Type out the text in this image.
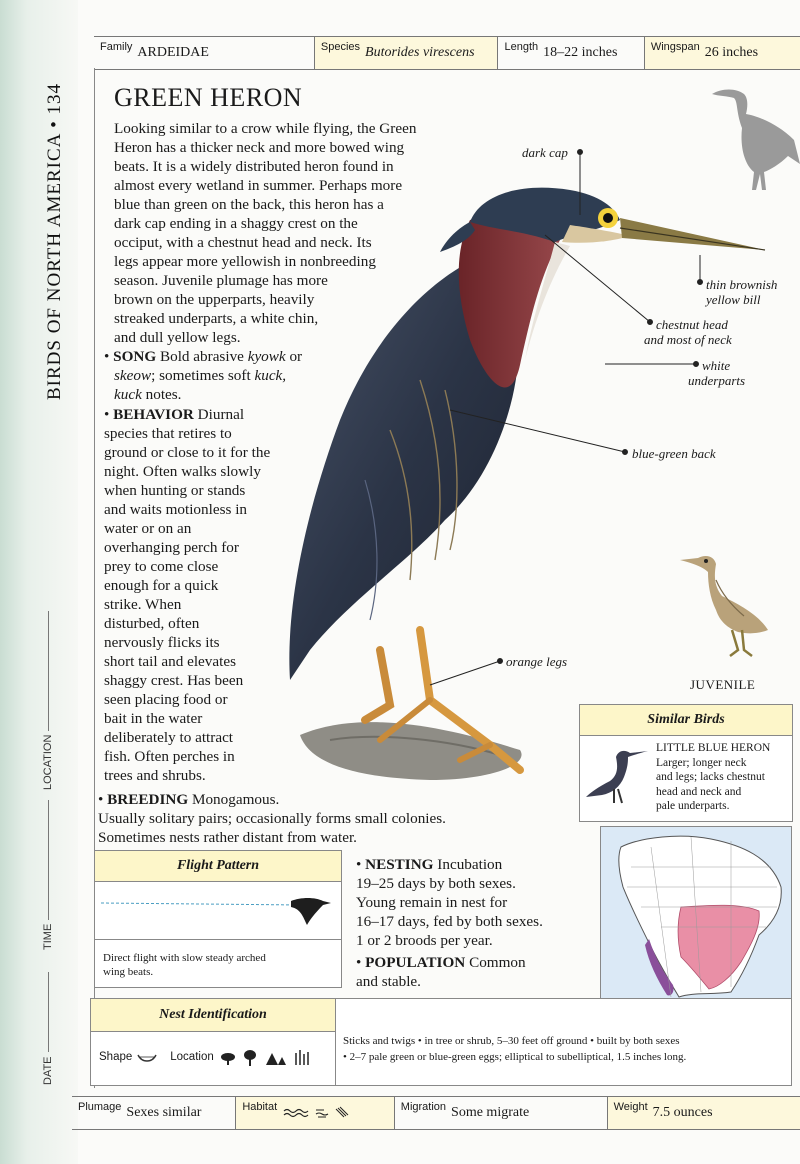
BIRDS OF NORTH AMERICA • 134
LOCATION
TIME
DATE
Family ARDEIDAE	Species Butorides virescens	Length 18–22 inches	Wingspan 26 inches
GREEN HERON
Looking similar to a crow while flying, the Green
Heron has a thicker neck and more bowed wing
beats. It is a widely distributed heron found in
almost every wetland in summer. Perhaps more
blue than green on the back, this heron has a
dark cap ending in a shaggy crest on the
occiput, with a chestnut head and neck. Its
legs appear more yellowish in nonbreeding
season. Juvenile plumage has more
brown on the upperparts, heavily
streaked underparts, a white chin,
and dull yellow legs.
• SONG Bold abrasive kyowk or
skeow; sometimes soft kuck,
kuck notes.
• BEHAVIOR Diurnal
species that retires to
ground or close to it for the
night. Often walks slowly
when hunting or stands
and waits motionless in
water or on an
overhanging perch for
prey to come close
enough for a quick
strike. When
disturbed, often
nervously flicks its
short tail and elevates
shaggy crest. Has been
seen placing food or
bait in the water
deliberately to attract
fish. Often perches in
trees and shrubs.
• BREEDING Monogamous.
Usually solitary pairs; occasionally forms small colonies.
Sometimes nests rather distant from water.
dark cap
thin brownish
yellow bill
chestnut head
and most of neck
white
underparts
blue-green back
orange legs
JUVENILE
Similar Birds
LITTLE BLUE HERON
Larger; longer neck
and legs; lacks chestnut
head and neck and
pale underparts.
Flight Pattern
Direct flight with slow steady arched
wing beats.
• NESTING Incubation
19–25 days by both sexes.
Young remain in nest for
16–17 days, fed by both sexes.
1 or 2 broods per year.
• POPULATION Common
and stable.
Nest Identification
Shape	Location
Sticks and twigs • in tree or shrub, 5–30 feet off ground • built by both sexes
• 2–7 pale green or blue-green eggs; elliptical to subelliptical, 1.5 inches long.
Plumage Sexes similar	Habitat	Migration Some migrate	Weight 7.5 ounces
